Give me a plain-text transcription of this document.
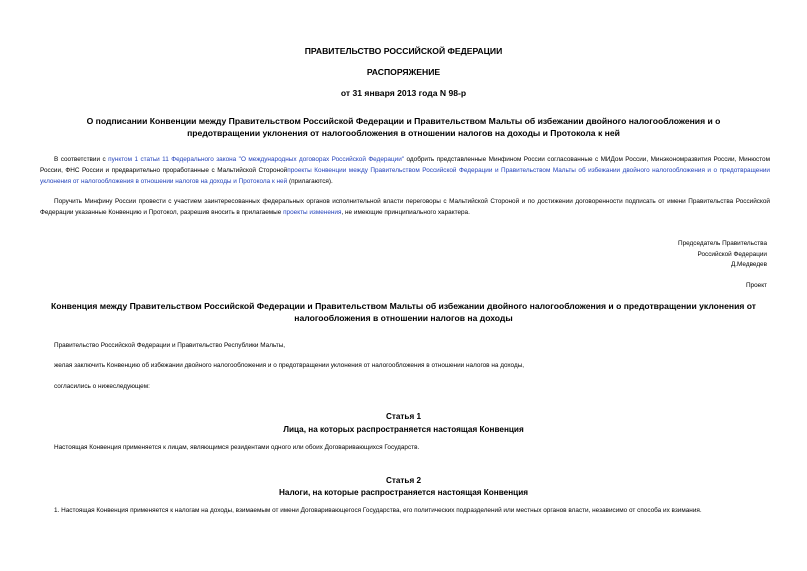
ПРАВИТЕЛЬСТВО РОССИЙСКОЙ ФЕДЕРАЦИИ
РАСПОРЯЖЕНИЕ
от 31 января 2013 года N 98-р
О подписании Конвенции между Правительством Российской Федерации и Правительством Мальты об избежании двойного налогообложения и о предотвращении уклонения от налогообложения в отношении налогов на доходы и Протокола к ней

В соответствии с пунктом 1 статьи 11 Федерального закона "О международных договорах Российской Федерации" одобрить представленные Минфином России согласованные с МИДом России, Минэкономразвития России, Минюстом России, ФНС России и предварительно проработанные с Мальтийской Сторонойпроекты Конвенции между Правительством Российской Федерации и Правительством Мальты об избежании двойного налогообложения и о предотвращении уклонения от налогообложения в отношении налогов на доходы и Протокола к ней (прилагаются).

Поручить Минфину России провести с участием заинтересованных федеральных органов исполнительной власти переговоры с Мальтийской Стороной и по достижении договоренности подписать от имени Правительства Российской Федерации указанные Конвенцию и Протокол, разрешив вносить в прилагаемые проекты изменения, не имеющие принципиального характера.

Председатель Правительства
Российской Федерации
Д.Медведев
Проект
Конвенция между Правительством Российской Федерации и Правительством Мальты об избежании двойного налогообложения и о предотвращении уклонения от налогообложения в отношении налогов на доходы

Правительство Российской Федерации и Правительство Республики Мальты,

желая заключить Конвенцию об избежании двойного налогообложения и о предотвращении уклонения от налогообложения в отношении налогов на доходы,

согласились о нижеследующем:

Статья 1
Лица, на которых распространяется настоящая Конвенция

Настоящая Конвенция применяется к лицам, являющимся резидентами одного или обоих Договаривающихся Государств.

Статья 2
Налоги, на которые распространяется настоящая Конвенция

1. Настоящая Конвенция применяется к налогам на доходы, взимаемым от имени Договаривающегося Государства, его политических подразделений или местных органов власти, независимо от способа их взимания.
